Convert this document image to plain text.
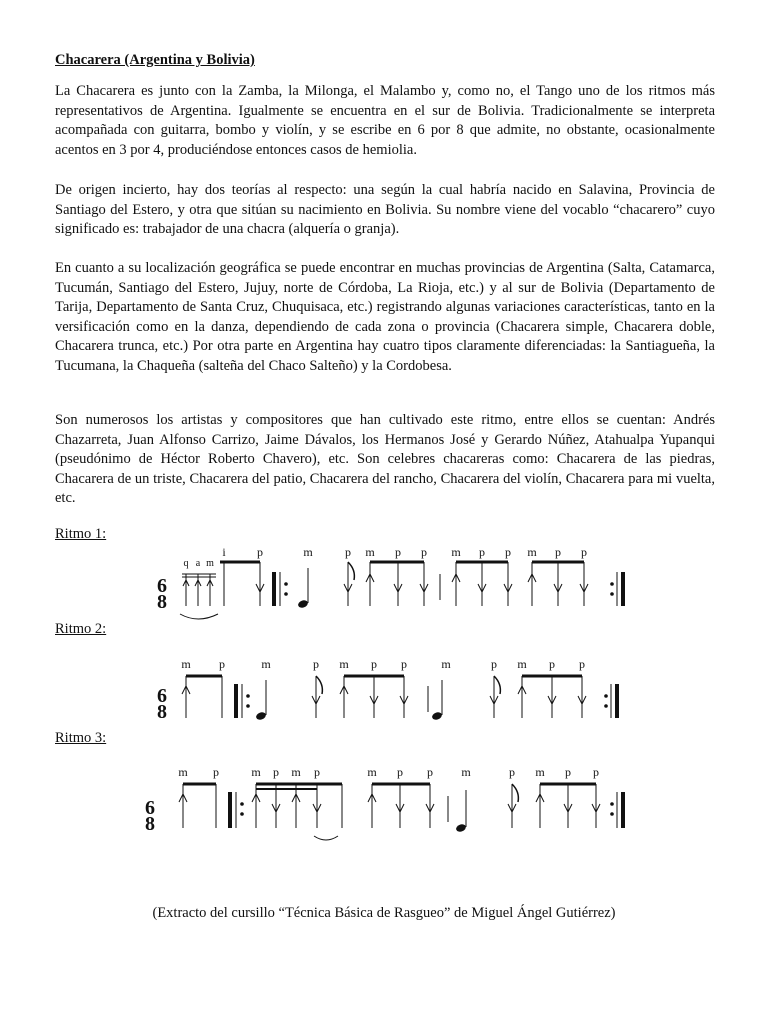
Chacarera (Argentina y Bolivia)

La Chacarera es junto con la Zamba, la Milonga, el Malambo y, como no, el Tango uno de los ritmos más representativos de Argentina. Igualmente se encuentra en el sur de Bolivia. Tradicionalmente se interpreta acompañada con guitarra, bombo y violín, y se escribe en 6 por 8 que admite, no obstante, ocasionalmente acentos en 3 por 4, produciéndose entonces casos de hemiolia.

De origen incierto, hay dos teorías al respecto: una según la cual habría nacido en Salavina, Provincia de Santiago del Estero, y otra que sitúan su nacimiento en Bolivia. Su nombre viene del vocablo “chacarero” cuyo significado es: trabajador de una chacra (alquería o granja).

En cuanto a su localización geográfica se puede encontrar en muchas provincias de Argentina (Salta, Catamarca, Tucumán, Santiago del Estero, Jujuy, norte de Córdoba, La Rioja, etc.) y al sur de Bolivia (Departamento de Tarija, Departamento de Santa Cruz, Chuquisaca, etc.) registrando algunas variaciones características, tanto en la versificación como en la danza, dependiendo de cada zona o provincia (Chacarera simple, Chacarera doble, Chacarera trunca, etc.) Por otra parte en Argentina hay cuatro tipos claramente diferenciadas: la Santiagueña, la Tucumana, la Chaqueña (salteña del Chaco Salteño) y la Cordobesa.

Son numerosos los artistas y compositores que han cultivado este ritmo, entre ellos se cuentan: Andrés Chazarreta, Juan Alfonso Carrizo, Jaime Dávalos, los Hermanos José y Gerardo Núñez, Atahualpa Yupanqui (pseudónimo de Héctor Roberto Chavero), etc. Son celebres chacareras como: Chacarera de las piedras, Chacarera de un triste, Chacarera del patio, Chacarera del rancho, Chacarera del violín, Chacarera para mi vuelta, etc.

Ritmo 1:

6
8
q a m
i	p	m	p m p p m p p m p p

Ritmo 2:

6
8
m p	m	p m p p	m	p m p p

Ritmo 3:

6
8
m p	m p m p	m p p m	p m p p

(Extracto del cursillo “Técnica Básica de Rasgueo” de Miguel Ángel Gutiérrez)
